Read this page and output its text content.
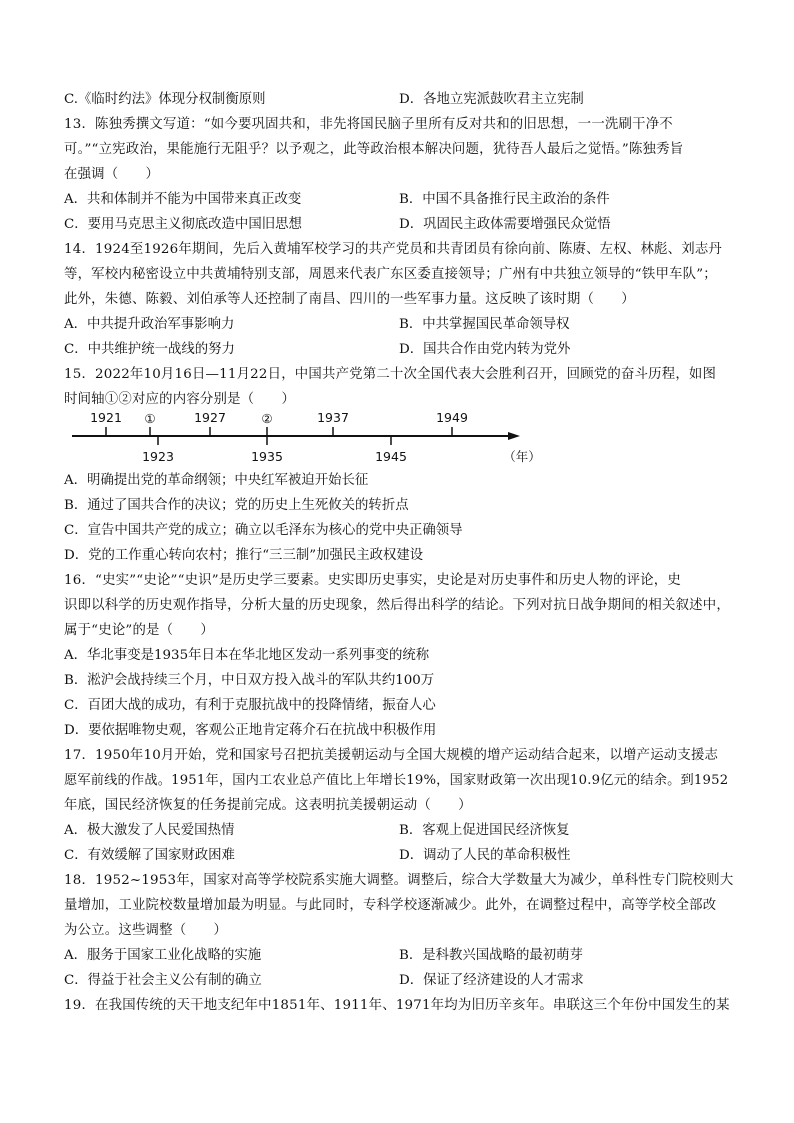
C.《临时约法》体现分权制衡原则	D．各地立宪派鼓吹君主立宪制
13．陈独秀撰文写道：“如今要巩固共和，非先将国民脑子里所有反对共和的旧思想，一一洗刷干净不
可。”“立宪政治，果能施行无阻乎？以予观之，此等政治根本解决问题，犹待吾人最后之觉悟。”陈独秀旨
在强调（　　）
A．共和体制并不能为中国带来真正改变	B．中国不具备推行民主政治的条件
C．要用马克思主义彻底改造中国旧思想	D．巩固民主政体需要增强民众觉悟
14．1924至1926年期间，先后入黄埔军校学习的共产党员和共青团员有徐向前、陈赓、左权、林彪、刘志丹
等，军校内秘密设立中共黄埔特别支部，周恩来代表广东区委直接领导；广州有中共独立领导的“铁甲车队”；
此外，朱德、陈毅、刘伯承等人还控制了南昌、四川的一些军事力量。这反映了该时期（　　）
A．中共提升政治军事影响力	B．中共掌握国民革命领导权
C．中共维护统一战线的努力	D．国共合作由党内转为党外
15．2022年10月16日—11月22日，中国共产党第二十次全国代表大会胜利召开，回顾党的奋斗历程，如图
时间轴①②对应的内容分别是（　　）
1921 ①	1927	②	1937	1949
1923	1935	1945	（年）
A．明确提出党的革命纲领；中央红军被迫开始长征
B．通过了国共合作的决议；党的历史上生死攸关的转折点
C．宣告中国共产党的成立；确立以毛泽东为核心的党中央正确领导
D．党的工作重心转向农村；推行“三三制”加强民主政权建设
16．“史实”“史论”“史识”是历史学三要素。史实即历史事实，史论是对历史事件和历史人物的评论，史
识即以科学的历史观作指导，分析大量的历史现象，然后得出科学的结论。下列对抗日战争期间的相关叙述中，
属于“史论”的是（　　）
A．华北事变是1935年日本在华北地区发动一系列事变的统称
B．淞沪会战持续三个月，中日双方投入战斗的军队共约100万
C．百团大战的成功，有利于克服抗战中的投降情绪，振奋人心
D．要依据唯物史观，客观公正地肯定蒋介石在抗战中积极作用
17．1950年10月开始，党和国家号召把抗美援朝运动与全国大规模的增产运动结合起来，以增产运动支援志
愿军前线的作战。1951年，国内工农业总产值比上年增长19%，国家财政第一次出现10.9亿元的结余。到1952
年底，国民经济恢复的任务提前完成。这表明抗美援朝运动（　　）
A．极大激发了人民爱国热情	B．客观上促进国民经济恢复
C．有效缓解了国家财政困难	D．调动了人民的革命积极性
18．1952~1953年，国家对高等学校院系实施大调整。调整后，综合大学数量大为减少，单科性专门院校则大
量增加，工业院校数量增加最为明显。与此同时，专科学校逐渐减少。此外，在调整过程中，高等学校全部改
为公立。这些调整（　　）
A．服务于国家工业化战略的实施	B．是科教兴国战略的最初萌芽
C．得益于社会主义公有制的确立	D．保证了经济建设的人才需求
19．在我国传统的天干地支纪年中1851年、1911年、1971年均为旧历辛亥年。串联这三个年份中国发生的某
